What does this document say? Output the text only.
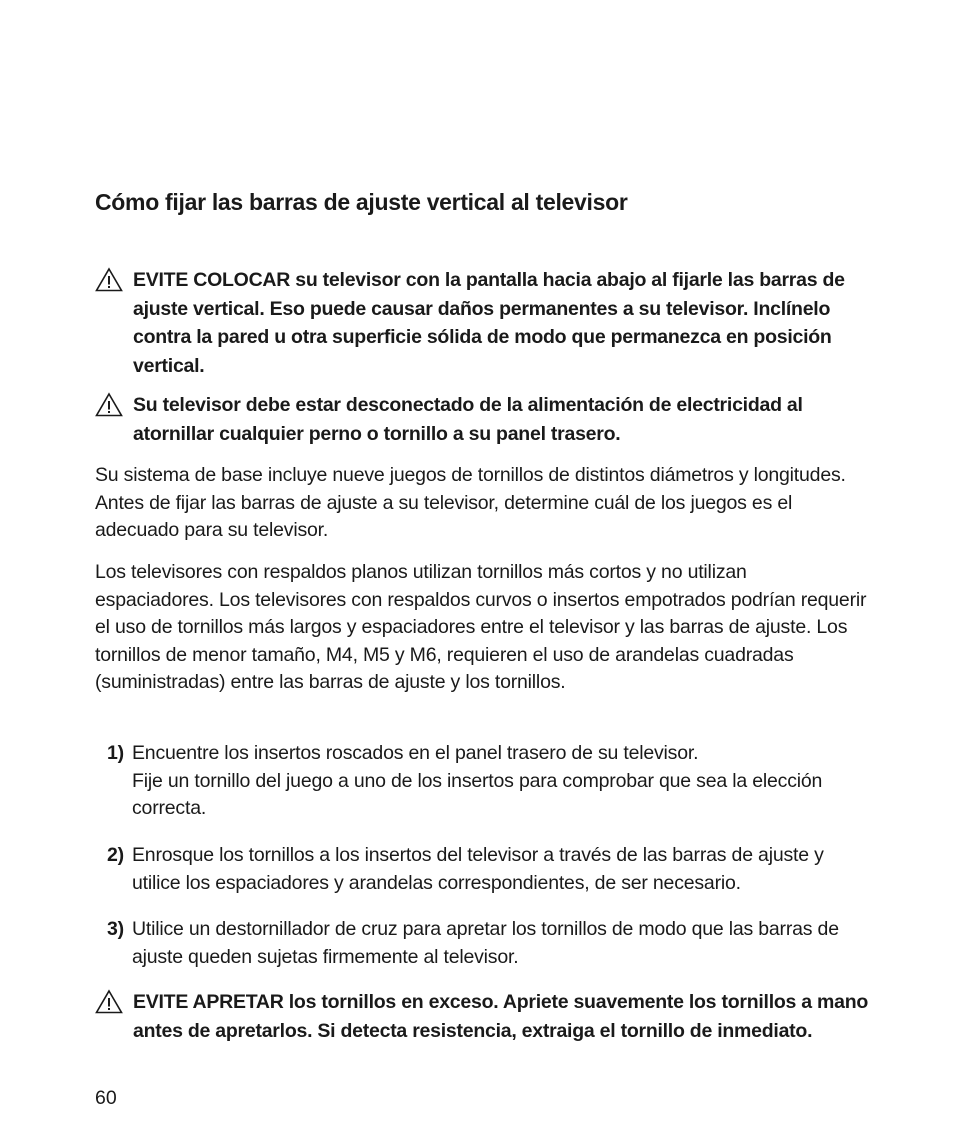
Cómo fijar las barras de ajuste vertical al televisor
EVITE COLOCAR su televisor con la pantalla hacia abajo al fijarle las barras de ajuste vertical. Eso puede causar daños permanentes a su televisor. Inclínelo contra la pared u otra superficie sólida de modo que permanezca en posición vertical.
Su televisor debe estar desconectado de la alimentación de electricidad al atornillar cualquier perno o tornillo a su panel trasero.

Su sistema de base incluye nueve juegos de tornillos de distintos diámetros y longitudes. Antes de fijar las barras de ajuste a su televisor, determine cuál de los juegos es el adecuado para su televisor.

Los televisores con respaldos planos utilizan tornillos más cortos y no utilizan espaciadores. Los televisores con respaldos curvos o insertos empotrados podrían requerir el uso de tornillos más largos y espaciadores entre el televisor y las barras de ajuste. Los tornillos de menor tamaño, M4, M5 y M6, requieren el uso de arandelas cuadradas (suministradas) entre las barras de ajuste y los tornillos.

1) Encuentre los insertos roscados en el panel trasero de su televisor.
Fije un tornillo del juego a uno de los insertos para comprobar que sea la elección correcta.
2) Enrosque los tornillos a los insertos del televisor a través de las barras de ajuste y utilice los espaciadores y arandelas correspondientes, de ser necesario.
3) Utilice un destornillador de cruz para apretar los tornillos de modo que las barras de ajuste queden sujetas firmemente al televisor.
EVITE APRETAR los tornillos en exceso. Apriete suavemente los tornillos a mano antes de apretarlos. Si detecta resistencia, extraiga el tornillo de inmediato.
60
